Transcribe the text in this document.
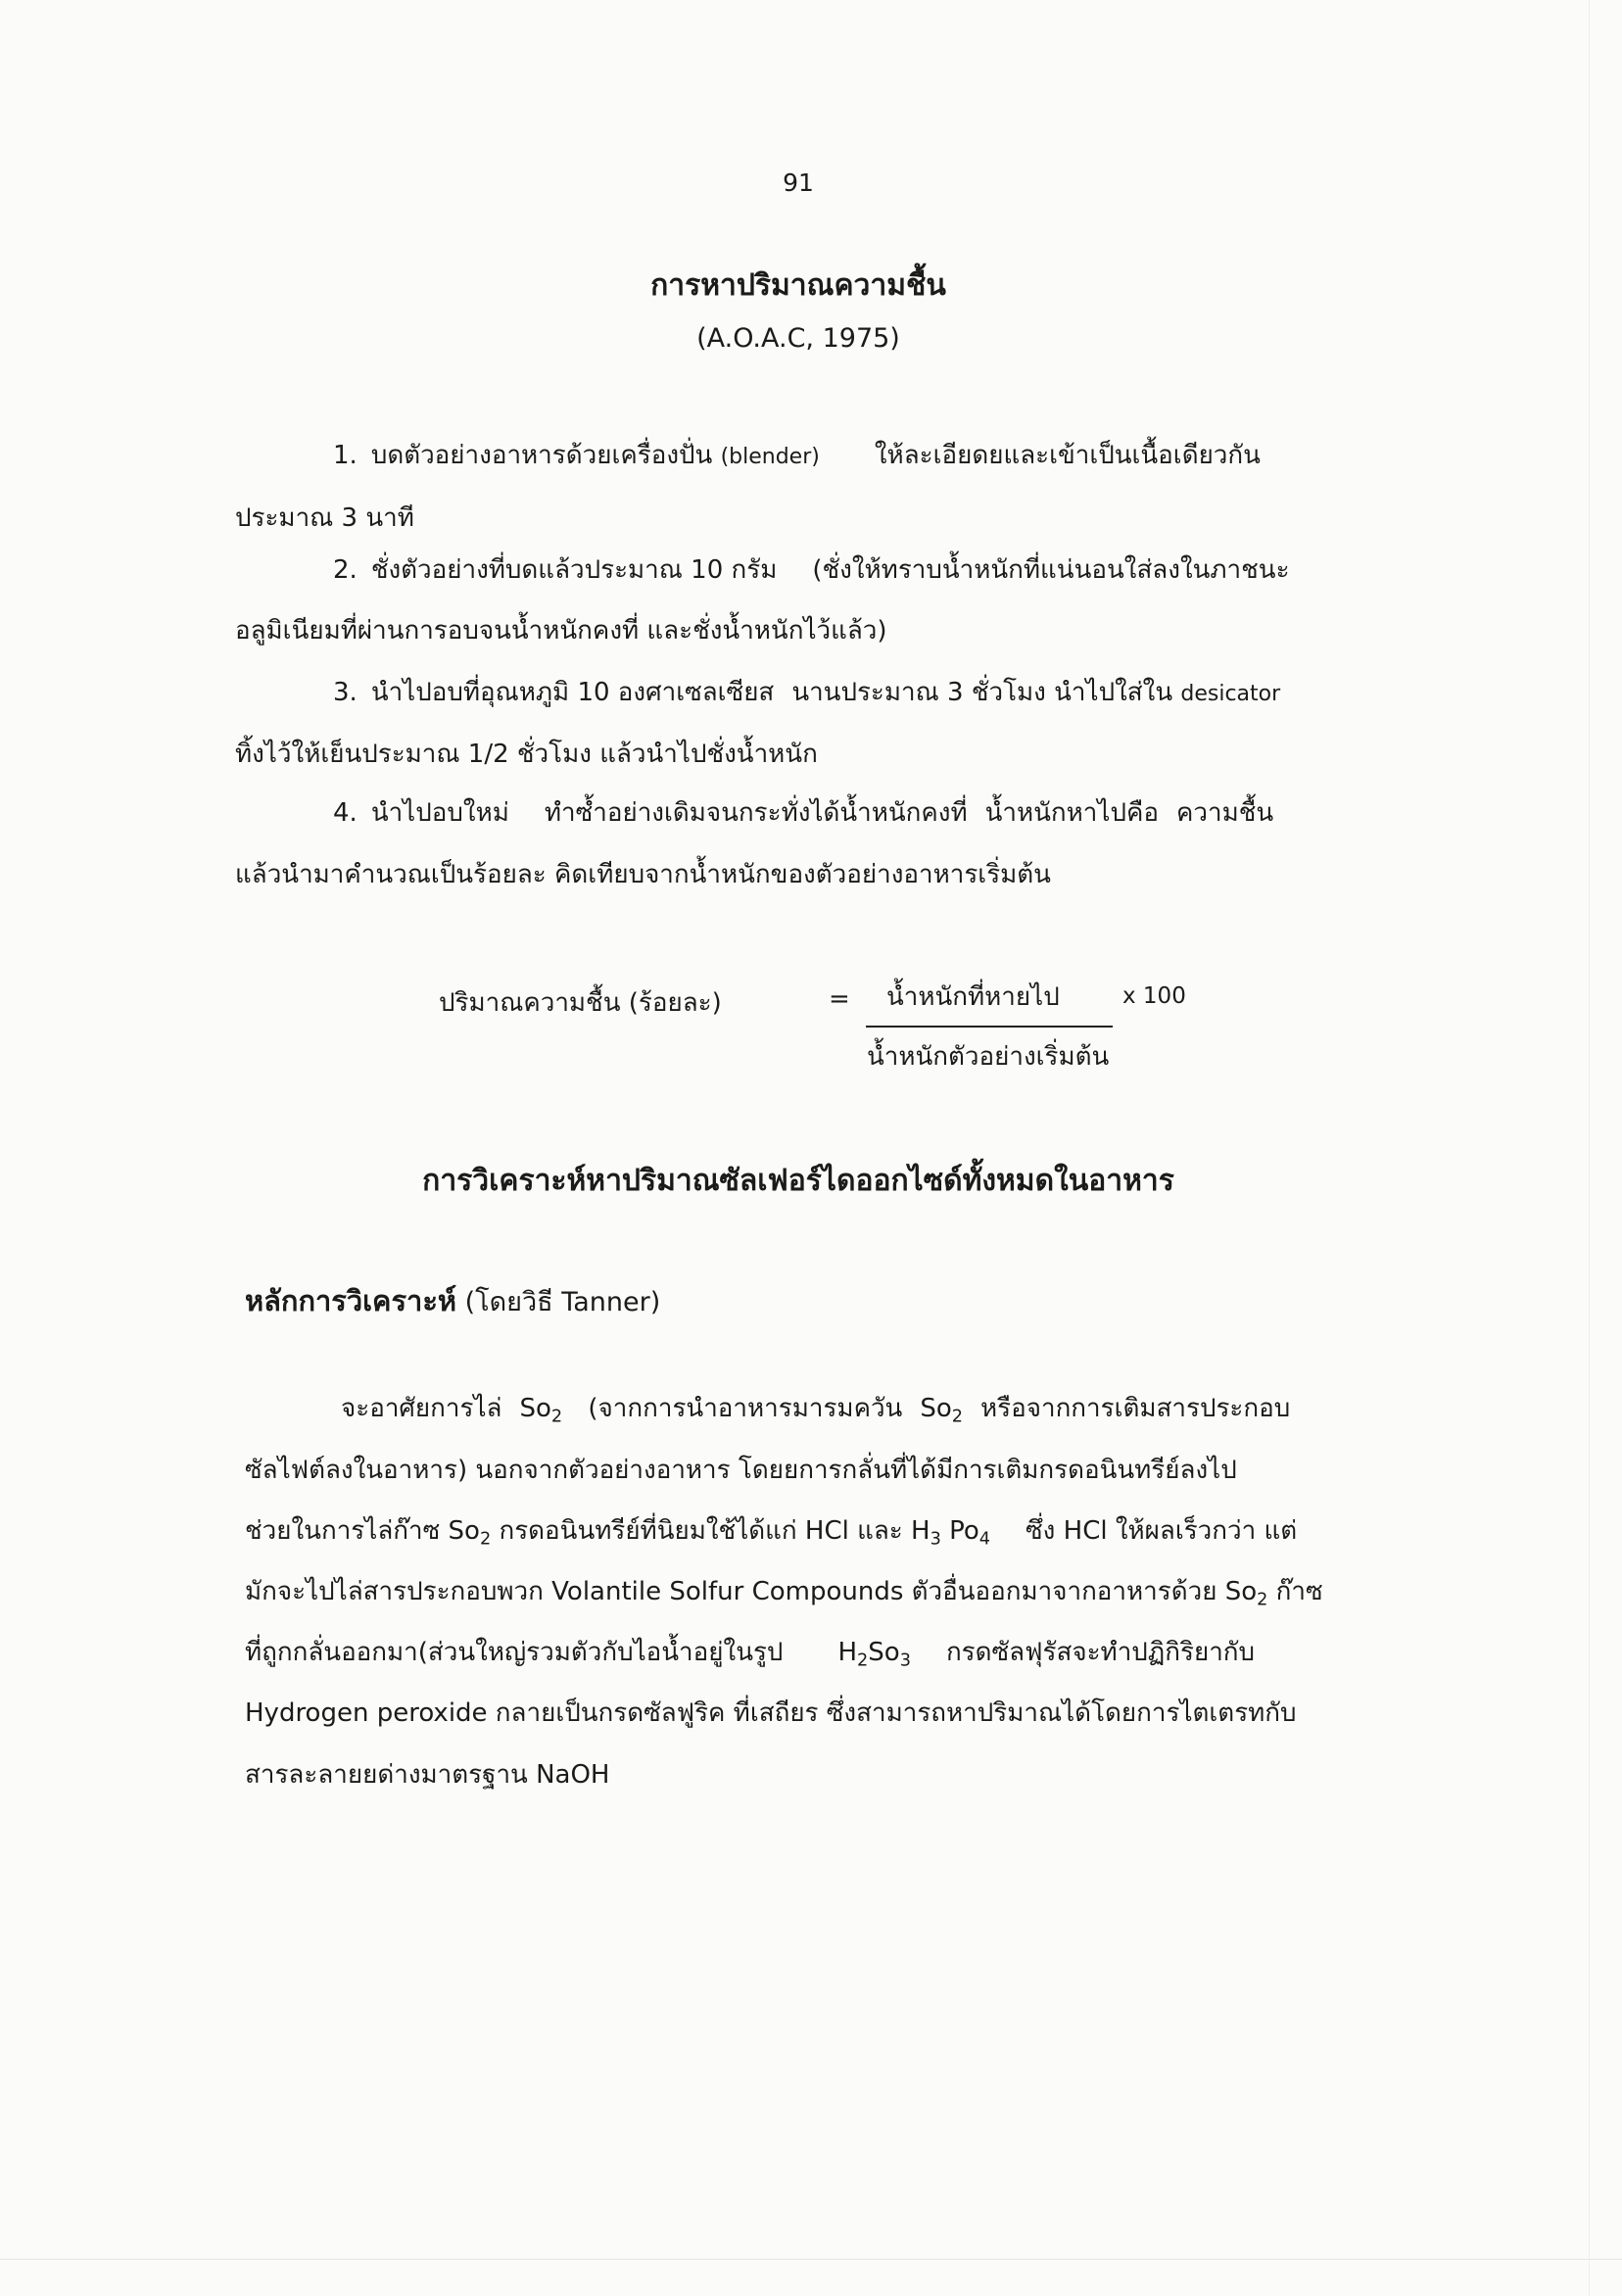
91
การหาปริมาณความชื้น
(A.O.A.C, 1975)
1. บดตัวอย่างอาหารด้วยเครื่องปั่น (blender) ให้ละเอียดยและเข้าเป็นเนื้อเดียวกัน
ประมาณ 3 นาที
2. ชั่งตัวอย่างที่บดแล้วประมาณ 10 กรัม (ชั่งให้ทราบน้ำหนักที่แน่นอนใส่ลงในภาชนะ
อลูมิเนียมที่ผ่านการอบจนน้ำหนักคงที่ และชั่งน้ำหนักไว้แล้ว)
3. นำไปอบที่อุณหภูมิ 10 องศาเซลเซียส นานประมาณ 3 ชั่วโมง นำไปใส่ใน desicator
ทิ้งไว้ให้เย็นประมาณ 1/2 ชั่วโมง แล้วนำไปชั่งน้ำหนัก
4. นำไปอบใหม่ ทำซ้ำอย่างเดิมจนกระทั่งได้น้ำหนักคงที่ น้ำหนักหาไปคือ ความชื้น
แล้วนำมาคำนวณเป็นร้อยละ คิดเทียบจากน้ำหนักของตัวอย่างอาหารเริ่มต้น
ปริมาณความชื้น (ร้อยละ)	= น้ำหนักที่หายไป	x 100
น้ำหนักตัวอย่างเริ่มต้น
การวิเคราะห์หาปริมาณซัลเฟอร์ไดออกไซด์ทั้งหมดในอาหาร
หลักการวิเคราะห์ (โดยวิธี Tanner)
จะอาศัยการไล่ $So_2$ (จากการนำอาหารมารมควัน $So_2$ หรือจากการเติมสารประกอบ
ซัลไฟต์ลงในอาหาร) นอกจากตัวอย่างอาหาร โดยยการกลั่นที่ได้มีการเติมกรดอนินทรีย์ลงไป
ช่วยในการไล่ก๊าซ $So_2$ กรดอนินทรีย์ที่นิยมใช้ได้แก่ HCl และ $H_3$ $Po_4$ ซึ่ง HCl ให้ผลเร็วกว่า แต่
มักจะไปไล่สารประกอบพวก Volantile Solfur Compounds ตัวอื่นออกมาจากอาหารด้วย $So_2$ ก๊าซ
ที่ถูกกลั่นออกมา(ส่วนใหญ่รวมตัวกับไอน้ำอยู่ในรูป $H_2So_3$ กรดซัลฟุรัสจะทำปฏิกิริยากับ
Hydrogen peroxide กลายเป็นกรดซัลฟูริค ที่เสถียร ซึ่งสามารถหาปริมาณได้โดยการไตเตรทกับ
สารละลายยด่างมาตรฐาน NaOH
